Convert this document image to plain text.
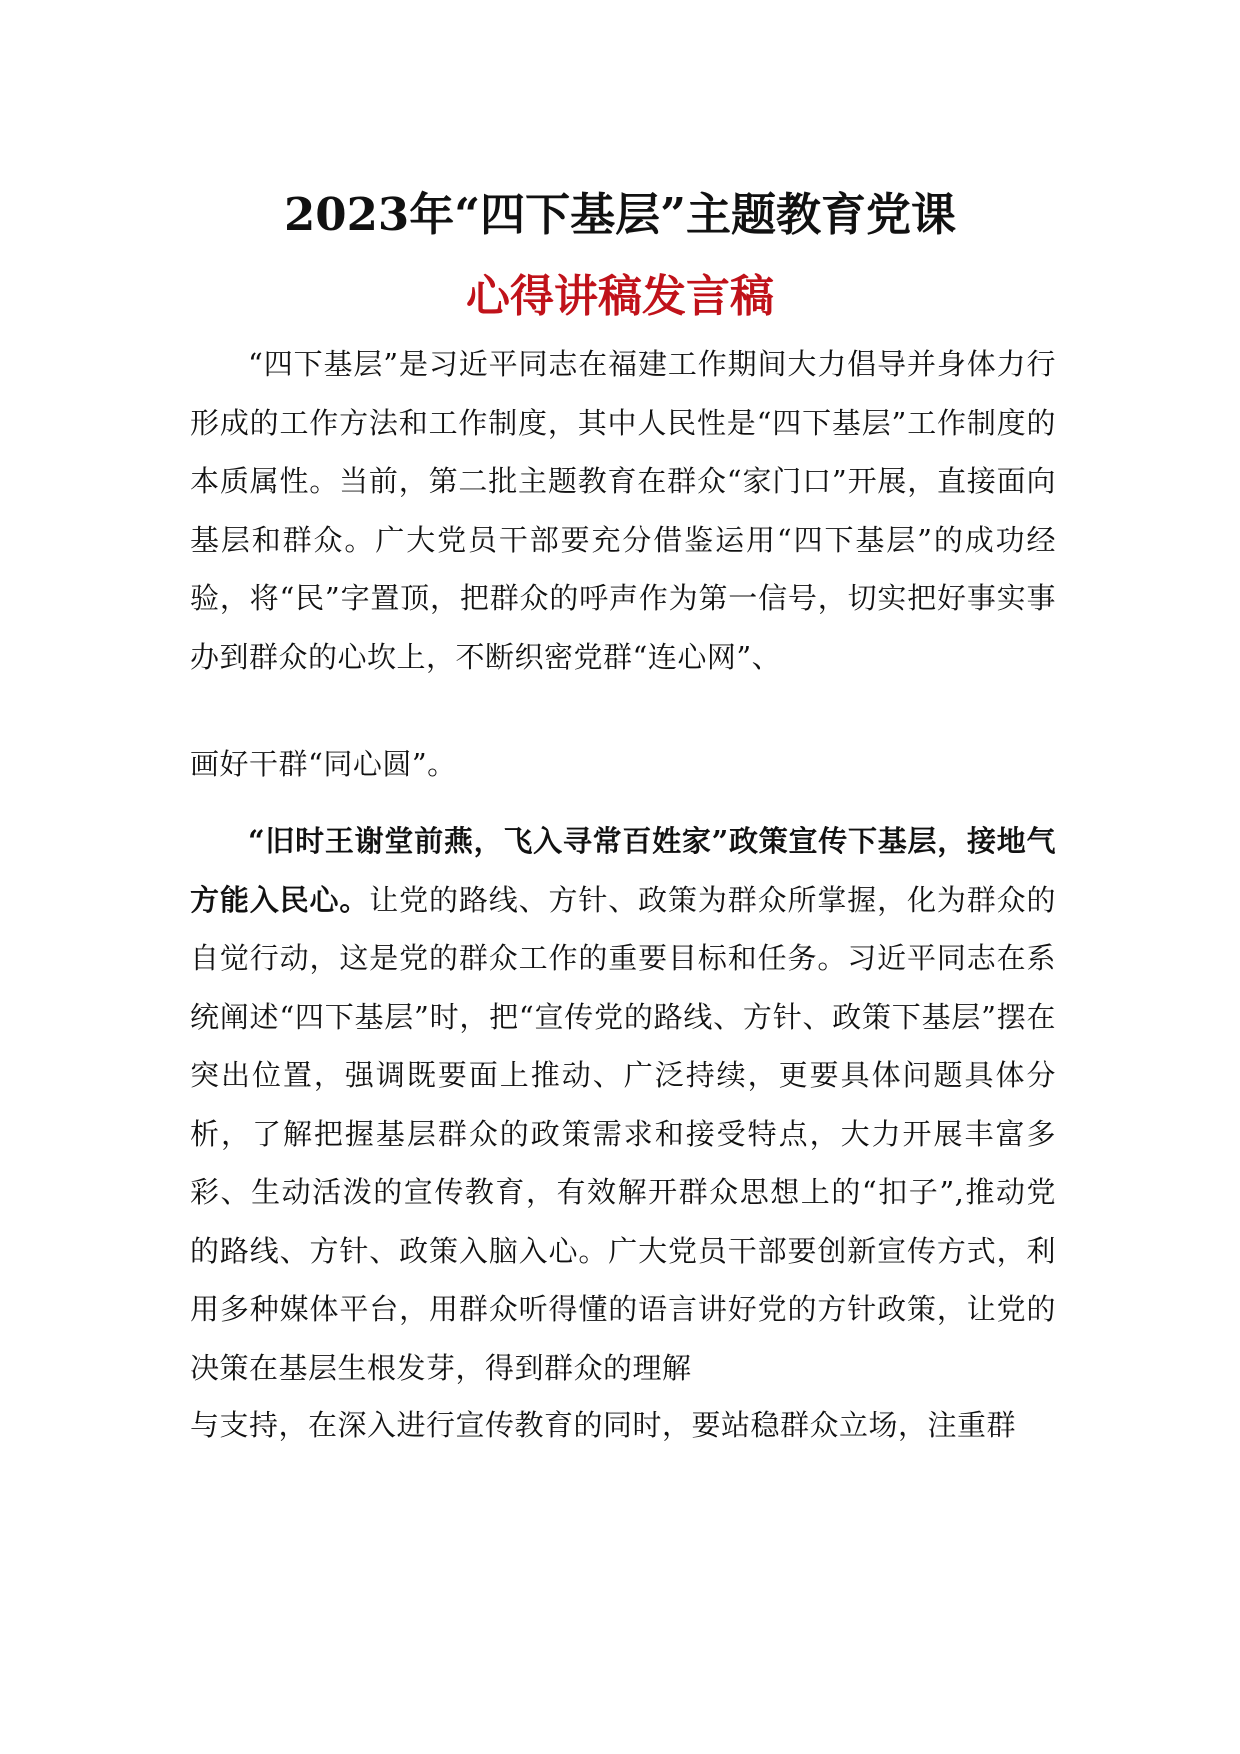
2023年“四下基层”主题教育党课
心得讲稿发言稿
“四下基层”是习近平同志在福建工作期间大力倡导并身体力行形成的工作方法和工作制度，其中人民性是“四下基层”工作制度的本质属性。当前，第二批主题教育在群众“家门口”开展，直接面向基层和群众。广大党员干部要充分借鉴运用“四下基层”的成功经验，将“民”字置顶，把群众的呼声作为第一信号，切实把好事实事办到群众的心坎上，不断织密党群“连心网”、
画好干群“同心圆”。
“旧时王谢堂前燕，飞入寻常百姓家”政策宣传下基层，接地气方能入民心。让党的路线、方针、政策为群众所掌握，化为群众的自觉行动，这是党的群众工作的重要目标和任务。习近平同志在系统阐述“四下基层”时，把“宣传党的路线、方针、政策下基层”摆在突出位置，强调既要面上推动、广泛持续，更要具体问题具体分析，了解把握基层群众的政策需求和接受特点，大力开展丰富多彩、生动活泼的宣传教育，有效解开群众思想上的“扣子”,推动党的路线、方针、政策入脑入心。广大党员干部要创新宣传方式，利用多种媒体平台，用群众听得懂的语言讲好党的方针政策，让党的决策在基层生根发芽，得到群众的理解
与支持，在深入进行宣传教育的同时，要站稳群众立场，注重群
